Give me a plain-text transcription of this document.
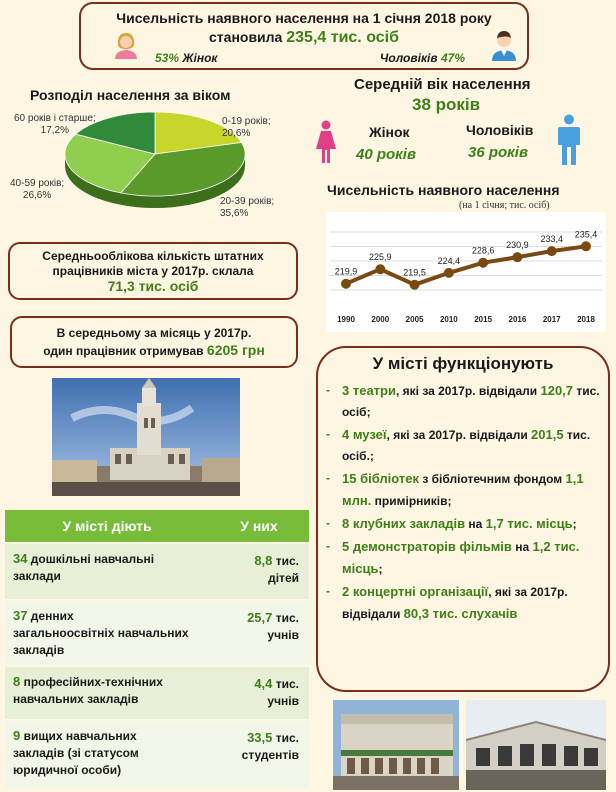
Чисельність наявного населення на 1 січня 2018 року
становила 235,4 тис. осіб
53% Жінок	Чоловіків 47%
Розподіл населення за віком
0-19 років;
20,6%
20-39 років;
35,6%
40-59 років;
26,6%
60 років і старше;
17,2%
Середній вік населення
38 років
Жінок
40 років
Чоловіків
36 років
Чисельність наявного населення
(на 1 січня; тис. осіб)
219,9
225,9
219,5
224,4
228,6
230,9
233,4 235,4
1990 2000 2005 2010 2015 2016 2017 2018
Середньооблікова кількість штатних
працівників міста у 2017р. склала
71,3 тис. осіб
В середньому за місяць у 2017р.
один працівник отримував 6205 грн
У місті діють	У них
34 дошкільні навчальні
заклади
8,8 тис.
дітей
37 денних
загальноосвітніх навчальних закладів
25,7 тис.
учнів
8 професійних-технічних
навчальних закладів
4,4 тис.
учнів
9 вищих навчальних
закладів (зі статусом юридичної особи)
33,5 тис.
студентів
У місті функціонують
- 3 театри, які за 2017р. відвідали 120,7 тис. осіб;
- 4 музеї, які за 2017р. відвідали 201,5 тис. осіб.;
- 15 бібліотек з бібліотечним фондом 1,1 млн. примірників;
- 8 клубних закладів на 1,7 тис. місць;
- 5 демонстраторів фільмів на 1,2 тис. місць;
- 2 концертні організації, які за 2017р. відвідали 80,3 тис. слухачів
